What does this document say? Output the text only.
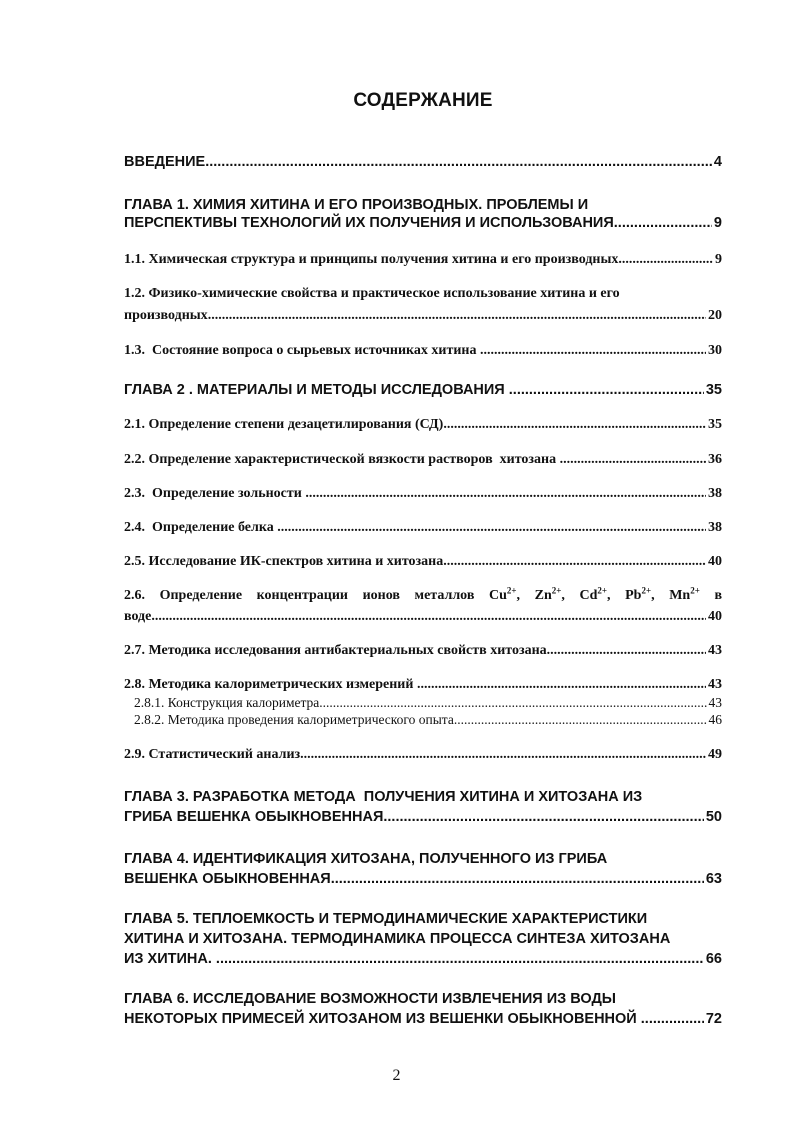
СОДЕРЖАНИЕ
ВВЕДЕНИЕ .....	4
ГЛАВА 1. ХИМИЯ ХИТИНА И ЕГО ПРОИЗВОДНЫХ. ПРОБЛЕМЫ И
ПЕРСПЕКТИВЫ ТЕХНОЛОГИЙ ИХ ПОЛУЧЕНИЯ И ИСПОЛЬЗОВАНИЯ .....	9
1.1. Химическая структура и принципы получения хитина и его производных .....	9
1.2. Физико-химические свойства и практическое использование хитина и его
производных .....	20
1.3.  Состояние вопроса о сырьевых источниках хитина .....	30
ГЛАВА 2 . МАТЕРИАЛЫ И МЕТОДЫ ИССЛЕДОВАНИЯ .....	35
2.1. Определение степени дезацетилирования (СД) .....	35
2.2. Определение характеристической вязкости растворов  хитозана .....	36
2.3.  Определение зольности .....	38
2.4.  Определение белка .....	38
2.5. Исследование ИК-спектров хитина и хитозана .....	40
2.6. Определение концентрации ионов металлов $Cu^{2+}$, $Zn^{2+}$, $Cd^{2+}$, $Pb^{2+}$, $Mn^{2+}$ в
воде .....	40
2.7. Методика исследования антибактериальных свойств хитозана .....	43
2.8. Методика калориметрических измерений .....	43
2.8.1. Конструкция калориметра .....	43
2.8.2. Методика проведения калориметрического опыта .....	46
2.9. Статистический анализ .....	49
ГЛАВА 3. РАЗРАБОТКА МЕТОДА  ПОЛУЧЕНИЯ ХИТИНА И ХИТОЗАНА ИЗ
ГРИБА ВЕШЕНКА ОБЫКНОВЕННАЯ .....	50
ГЛАВА 4. ИДЕНТИФИКАЦИЯ ХИТОЗАНА, ПОЛУЧЕННОГО ИЗ ГРИБА
ВЕШЕНКА ОБЫКНОВЕННАЯ .....	63
ГЛАВА 5. ТЕПЛОЕМКОСТЬ И ТЕРМОДИНАМИЧЕСКИЕ ХАРАКТЕРИСТИКИ
ХИТИНА И ХИТОЗАНА. ТЕРМОДИНАМИКА ПРОЦЕССА СИНТЕЗА ХИТОЗАНА
ИЗ ХИТИНА. .....	66
ГЛАВА 6. ИССЛЕДОВАНИЕ ВОЗМОЖНОСТИ ИЗВЛЕЧЕНИЯ ИЗ ВОДЫ
НЕКОТОРЫХ ПРИМЕСЕЙ ХИТОЗАНОМ ИЗ ВЕШЕНКИ ОБЫКНОВЕННОЙ .....	72
2
